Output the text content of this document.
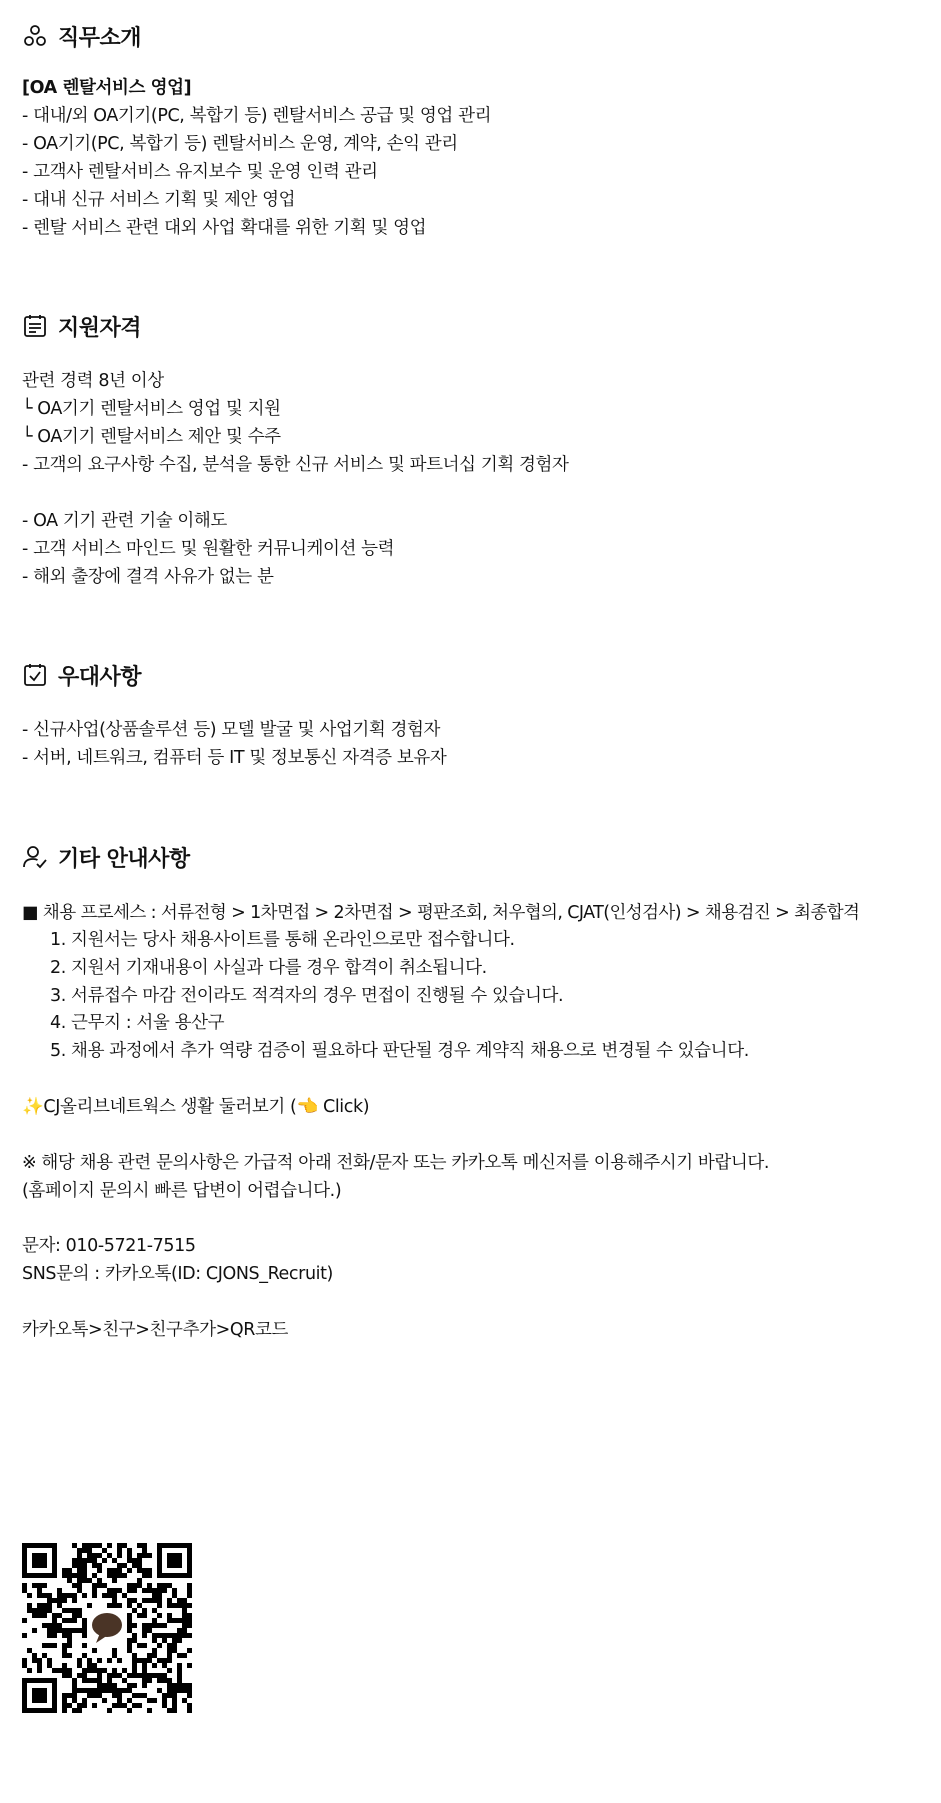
직무소개
[OA 렌탈서비스 영업]
- 대내/외 OA기기(PC, 복합기 등) 렌탈서비스 공급 및 영업 관리
- OA기기(PC, 복합기 등) 렌탈서비스 운영, 계약, 손익 관리
- 고객사 렌탈서비스 유지보수 및 운영 인력 관리
- 대내 신규 서비스 기획 및 제안 영업
- 렌탈 서비스 관련 대외 사업 확대를 위한 기획 및 영업
지원자격
관련 경력 8년 이상
└ OA기기 렌탈서비스 영업 및 지원
└ OA기기 렌탈서비스 제안 및 수주
- 고객의 요구사항 수집, 분석을 통한 신규 서비스 및 파트너십 기획 경험자
- OA 기기 관련 기술 이해도
- 고객 서비스 마인드 및 원활한 커뮤니케이션 능력
- 해외 출장에 결격 사유가 없는 분
우대사항
- 신규사업(상품솔루션 등) 모델 발굴 및 사업기획 경험자
- 서버, 네트워크, 컴퓨터 등 IT 및 정보통신 자격증 보유자
기타 안내사항
■ 채용 프로세스 : 서류전형 > 1차면접 > 2차면접 > 평판조회, 처우협의, CJAT(인성검사) > 채용검진 > 최종합격
1. 지원서는 당사 채용사이트를 통해 온라인으로만 접수합니다.
2. 지원서 기재내용이 사실과 다를 경우 합격이 취소됩니다.
3. 서류접수 마감 전이라도 적격자의 경우 면접이 진행될 수 있습니다.
4. 근무지 : 서울 용산구
5. 채용 과정에서 추가 역량 검증이 필요하다 판단될 경우 계약직 채용으로 변경될 수 있습니다.
✨CJ올리브네트웍스 생활 둘러보기 (👈 Click)
※ 해당 채용 관련 문의사항은 가급적 아래 전화/문자 또는 카카오톡 메신저를 이용해주시기 바랍니다.
(홈페이지 문의시 빠른 답변이 어렵습니다.)
문자: 010-5721-7515
SNS문의 : 카카오톡(ID: CJONS_Recruit)
카카오톡>친구>친구추가>QR코드
